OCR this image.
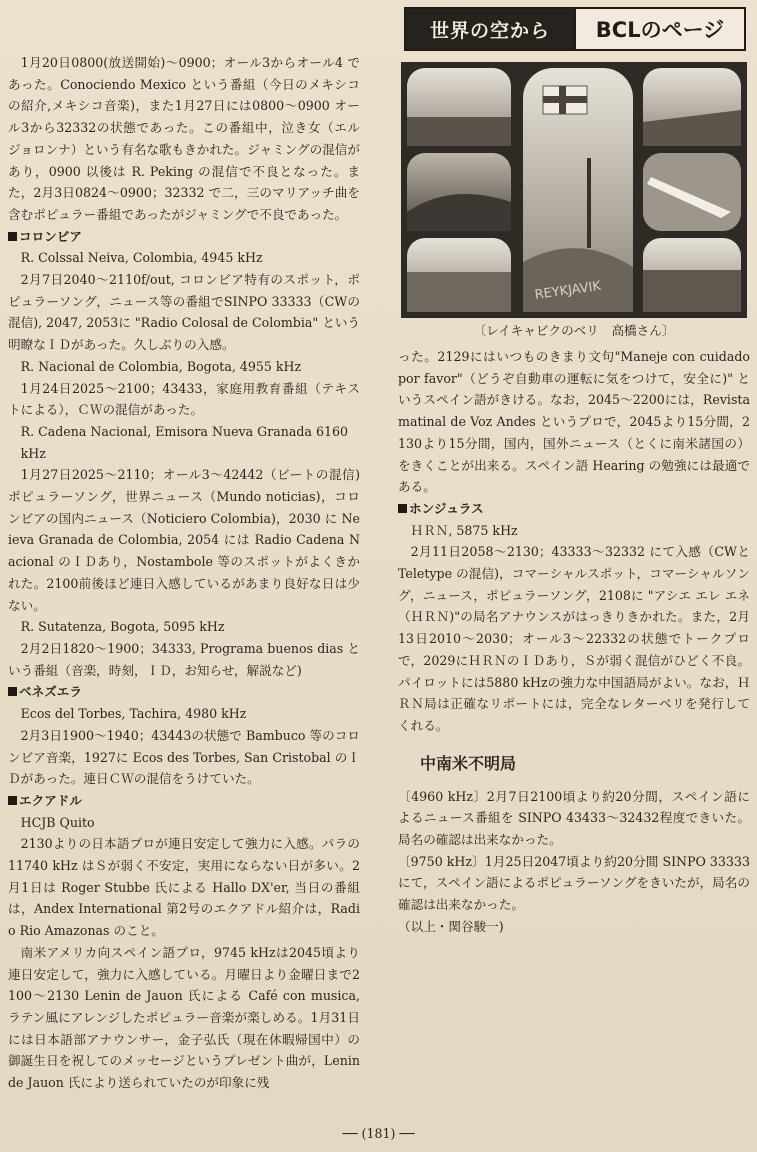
世界の空から	BCLのページ
REYKJAVIK
〔レイキャビクのベリ　高橋さん〕

1月20日0800(放送開始)～0900；オール3からオール4 であった。Conociendo Mexico という番組（今日のメキシコの紹介,メキシコ音楽)，また1月27日には0800～0900 オール3から32332の状態であった。この番組中，泣き女（エル ジョロンナ）という有名な歌もきかれた。ジャミングの混信があり，0900 以後は R. Peking の混信で不良となった。また，2月3日0824～0900；32332 で二，三のマリアッチ曲を含むポピュラー番組であったがジャミングで不良であった。

コロンビア
R. Colssal Neiva, Colombia, 4945 kHz

2月7日2040～2110f/out, コロンビア特有のスポット，ポピュラーソング，ニュース等の番組でSINPO 33333（CWの混信), 2047, 2053に "Radio Colosal de Colombia" という明瞭なＩＤがあった。久しぶりの入感。

R. Nacional de Colombia, Bogota, 4955 kHz

1月24日2025～2100；43433，家庭用教育番組（テキストによる），ＣＷの混信があった。

R. Cadena Nacional, Emisora Nueva Granada 6160 kHz

1月27日2025～2110；オール3～42442（ビートの混信) ポピュラーソング，世界ニュース（Mundo noticias)，コロンビアの国内ニュース（Noticiero Colombia)，2030 に Neieva Granada de Colombia, 2054 には Radio Cadena Nacional のＩＤあり，Nostambole 等のスポットがよくきかれた。2100前後ほど連日入感しているがあまり良好な日は少ない。

R. Sutatenza, Bogota, 5095 kHz

2月2日1820～1900；34333, Programa buenos dias という番組（音楽，時刻，ＩＤ，お知らせ，解説など)

ベネズエラ
Ecos del Torbes, Tachira, 4980 kHz

2月3日1900～1940；43443の状態で Bambuco 等のコロンビア音楽，1927に Ecos des Torbes, San Cristobal のＩＤがあった。連日ＣＷの混信をうけていた。

エクアドル
HCJB Quito

2130よりの日本語プロが連日安定して強力に入感。パラの11740 kHz はＳが弱く不安定，実用にならない日が多い。2月1日は Roger Stubbe 氏による Hallo DX'er, 当日の番組は，Andex International 第2号のエクアドル紹介は，Radio Rio Amazonas のこと。

南米アメリカ向スペイン語プロ，9745 kHzは2045頃より連日安定して，強力に入感している。月曜日より金曜日まで2100～2130 Lenin de Jauon 氏による Café con musica, ラテン風にアレンジしたポピュラー音楽が楽しめる。1月31日には日本語部アナウンサー，金子弘氏（現在休暇帰国中）の御誕生日を祝してのメッセージというプレゼント曲が，Lenin de Jauon 氏により送られていたのが印象に残

った。2129にはいつものきまり文句"Maneje con cuidado por favor"（どうぞ自動車の運転に気をつけて，安全に)" というスペイン語がきける。なお，2045～2200には，Revista matinal de Voz Andes というプロで，2045より15分間，2130より15分間，国内，国外ニュース（とくに南米諸国の）をきくことが出来る。スペイン語 Hearing の勉強には最適である。

ホンジュラス
ＨＲＮ, 5875 kHz

2月11日2058～2130；43333～32332 にて入感（CWとTeletype の混信)，コマーシャルスポット，コマーシャルソング，ニュース，ポピュラーソング，2108に "アシエ エレ エネ（ＨＲＮ)"の局名アナウンスがはっきりきかれた。また，2月13日2010～2030；オール3～22332の状態でトークプロで，2029にＨＲＮのＩＤあり，Ｓが弱く混信がひどく不良。パイロットには5880 kHzの強力な中国語局がよい。なお，ＨＲＮ局は正確なリポートには，完全なレターベリを発行してくれる。

中南米不明局

〔4960 kHz〕2月7日2100頃より約20分間，スペイン語によるニュース番組を SINPO 43433～32432程度できいた。局名の確認は出来なかった。

〔9750 kHz〕1月25日2047頃より約20分間 SINPO 33333にて，スペイン語によるポピュラーソングをきいたが，局名の確認は出来なかった。

（以上・関谷駿一)

── (181) ──
